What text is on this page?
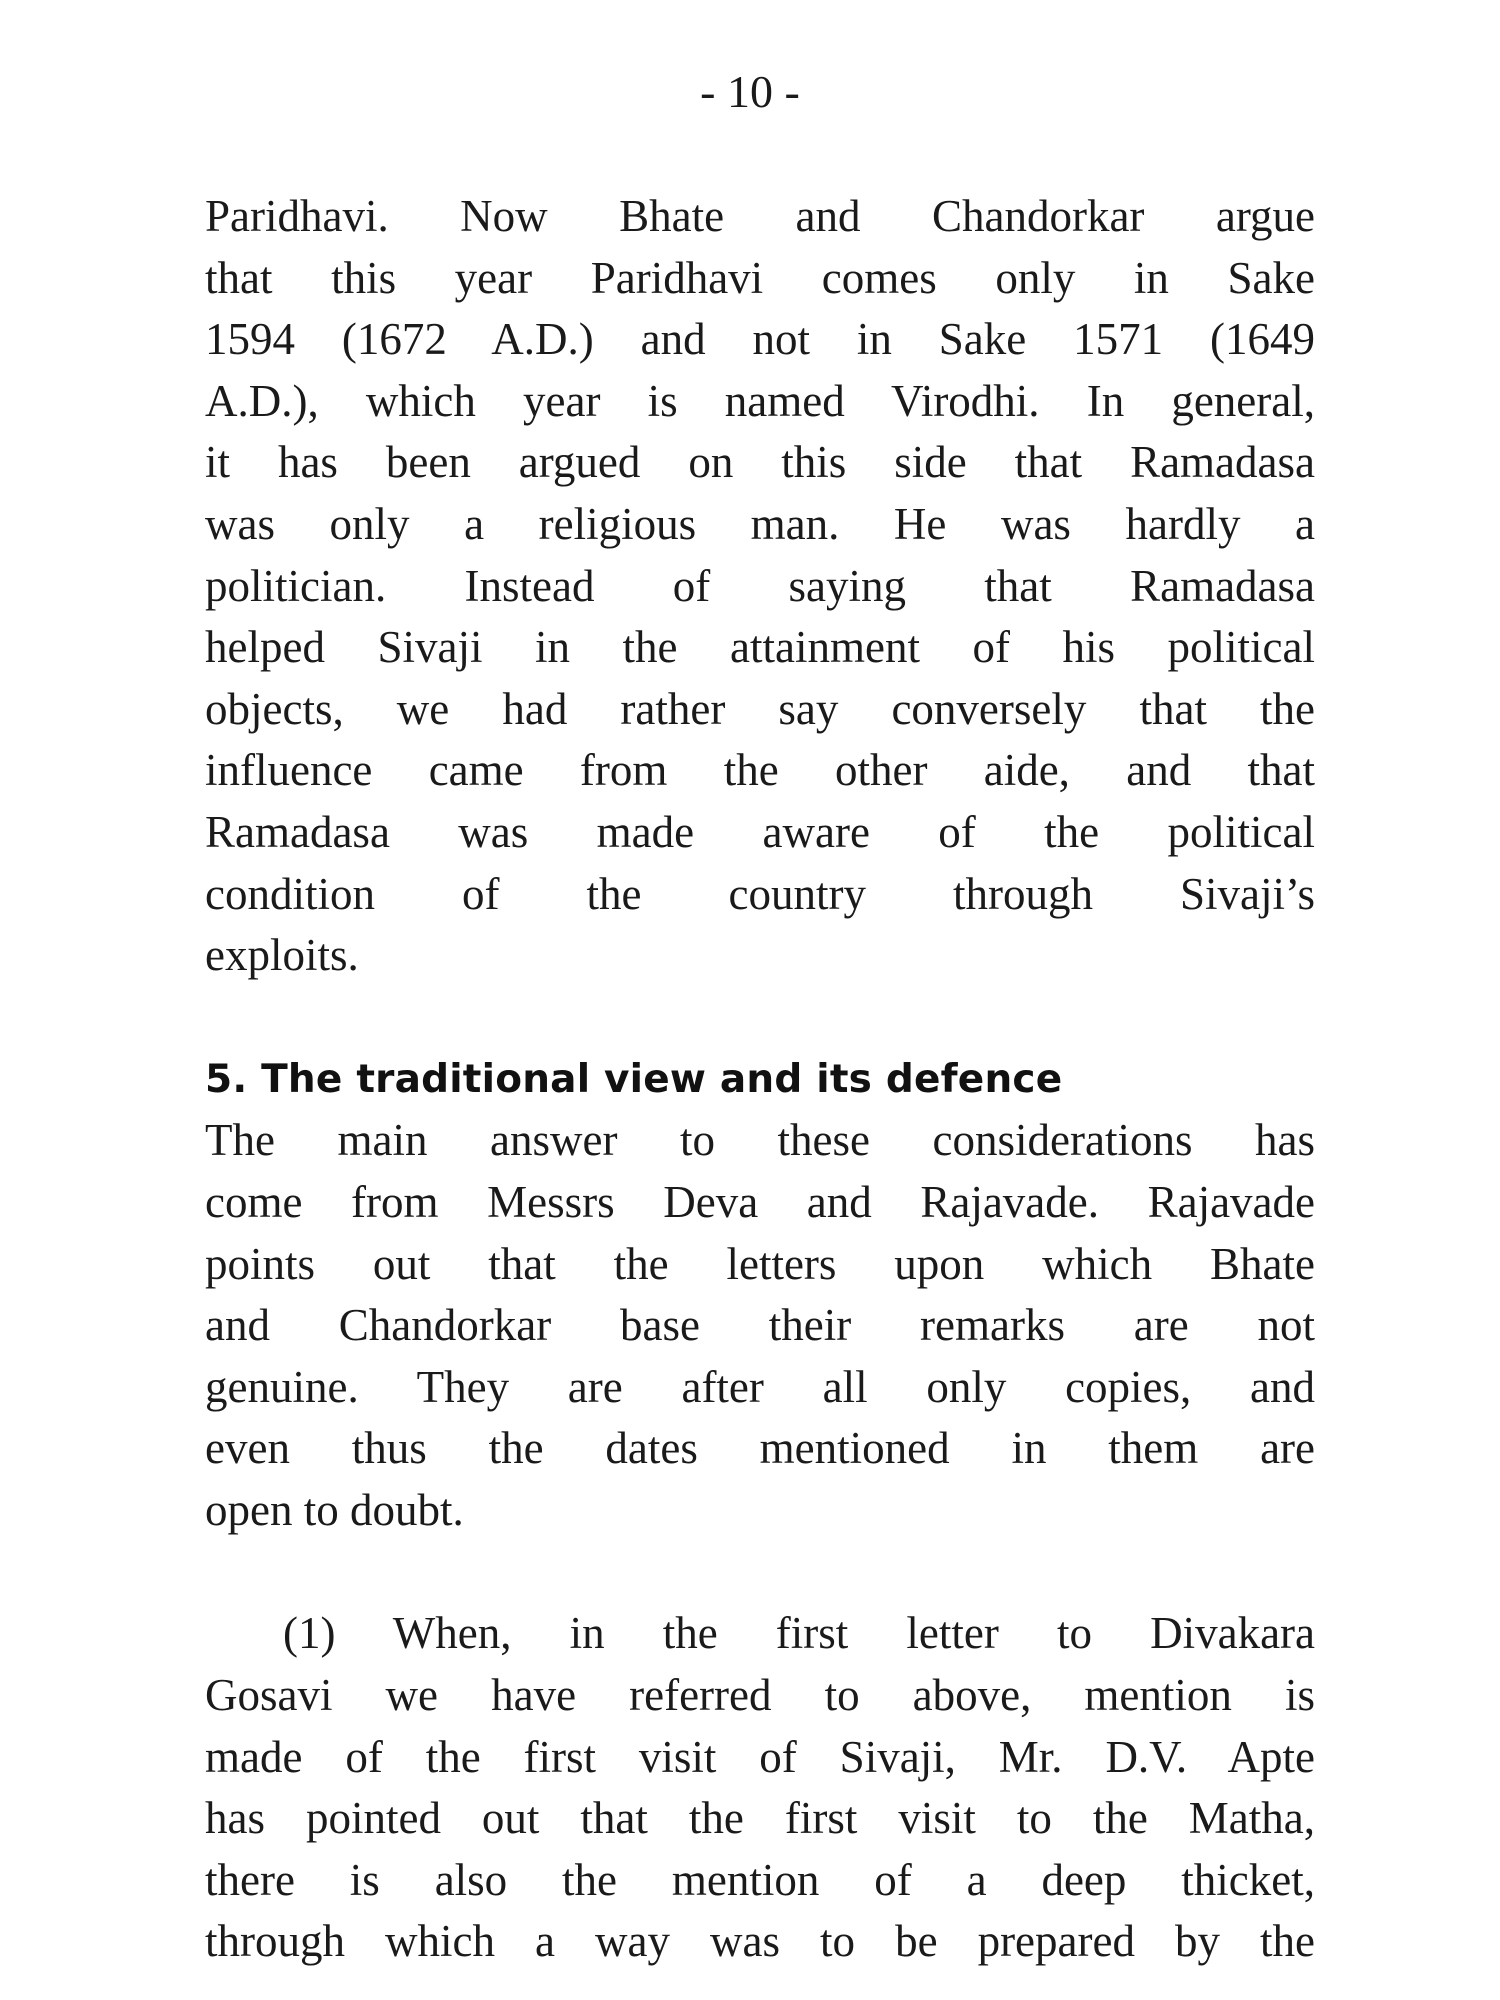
- 10 -
Paridhavi. Now Bhate and Chandorkar argue
that this year Paridhavi comes only in Sake
1594 (1672 A.D.) and not in Sake 1571 (1649
A.D.), which year is named Virodhi. In general,
it has been argued on this side that Ramadasa
was only a religious man. He was hardly a
politician. Instead of saying that Ramadasa
helped Sivaji in the attainment of his political
objects, we had rather say conversely that the
influence came from the other aide, and that
Ramadasa was made aware of the political
condition of the country through Sivaji’s
exploits.
5. The traditional view and its defence
The main answer to these considerations has
come from Messrs Deva and Rajavade. Rajavade
points out that the letters upon which Bhate
and Chandorkar base their remarks are not
genuine. They are after all only copies, and
even thus the dates mentioned in them are
open to doubt.
(1) When, in the first letter to Divakara
Gosavi we have referred to above, mention is
made of the first visit of Sivaji, Mr. D.V. Apte
has pointed out that the first visit to the Matha,
there is also the mention of a deep thicket,
through which a way was to be prepared by the
